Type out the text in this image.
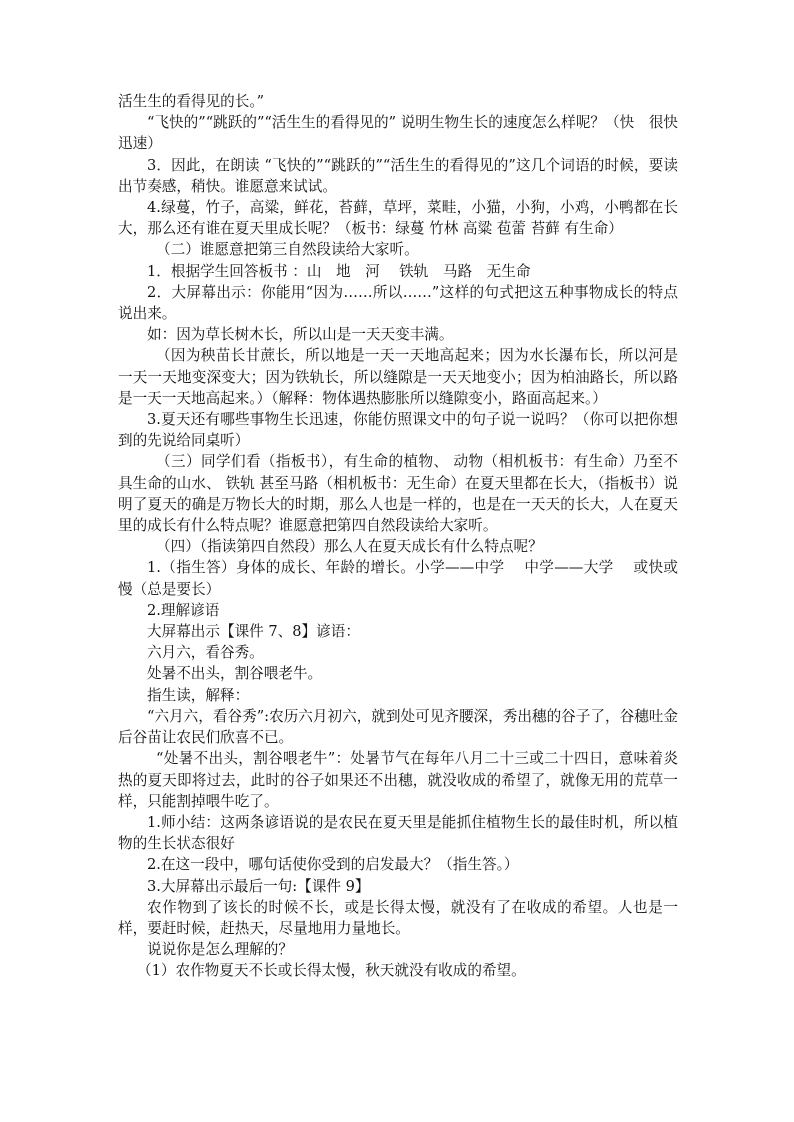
活生生的看得见的长。”

“飞快的”“跳跃的”“活生生的看得见的” 说明生物生长的速度怎么样呢？（快　很快　迅速）

3．因此，在朗读 “飞快的”“跳跃的”“活生生的看得见的”这几个词语的时候，要读出节奏感，稍快。谁愿意来试试。

4.绿蔓，竹子，高粱，鲜花，苔藓，草坪，菜畦，小猫，小狗，小鸡，小鸭都在长大，那么还有谁在夏天里成长呢？（板书：绿蔓 竹林 高粱 苞蕾 苔藓 有生命）

（二）谁愿意把第三自然段读给大家听。

1．根据学生回答板书 ：山　地　河　 铁轨　马路　无生命

2．大屏幕出示：你能用“因为……所以……”这样的句式把这五种事物成长的特点说出来。

如：因为草长树木长，所以山是一天天变丰满。

（因为秧苗长甘蔗长，所以地是一天一天地高起来；因为水长瀑布长，所以河是一天一天地变深变大；因为铁轨长，所以缝隙是一天天地变小；因为柏油路长，所以路是一天一天地高起来。）（解释：物体遇热膨胀所以缝隙变小，路面高起来。）

3.夏天还有哪些事物生长迅速，你能仿照课文中的句子说一说吗？（你可以把你想到的先说给同桌听）

（三）同学们看（指板书），有生命的植物、 动物（相机板书：有生命）乃至不具生命的山水、 铁轨 甚至马路（相机板书：无生命）在夏天里都在长大，（指板书）说明了夏天的确是万物长大的时期，那么人也是一样的，也是在一天天的长大，人在夏天里的成长有什么特点呢？谁愿意把第四自然段读给大家听。

（四）（指读第四自然段）那么人在夏天成长有什么特点呢？

1.（指生答）身体的成长、年龄的增长。小学——中学　 中学——大学　 或快或慢（总是要长）

2.理解谚语

大屏幕出示【课件 7、8】谚语：

六月六，看谷秀。

处暑不出头，割谷喂老牛。

指生读，解释：

“六月六，看谷秀”:农历六月初六，就到处可见齐腰深，秀出穗的谷子了，谷穗吐金后谷苗让农民们欣喜不已。

“处暑不出头，割谷喂老牛”：处暑节气在每年八月二十三或二十四日，意味着炎热的夏天即将过去，此时的谷子如果还不出穗，就没收成的希望了，就像无用的荒草一样，只能割掉喂牛吃了。

1.师小结：这两条谚语说的是农民在夏天里是能抓住植物生长的最佳时机，所以植物的生长状态很好

2.在这一段中，哪句话使你受到的启发最大？（指生答。）

3.大屏幕出示最后一句:【课件 9】

农作物到了该长的时候不长，或是长得太慢，就没有了在收成的希望。人也是一样，要赶时候，赶热天，尽量地用力量地长。

说说你是怎么理解的？

（1）农作物夏天不长或长得太慢，秋天就没有收成的希望。
